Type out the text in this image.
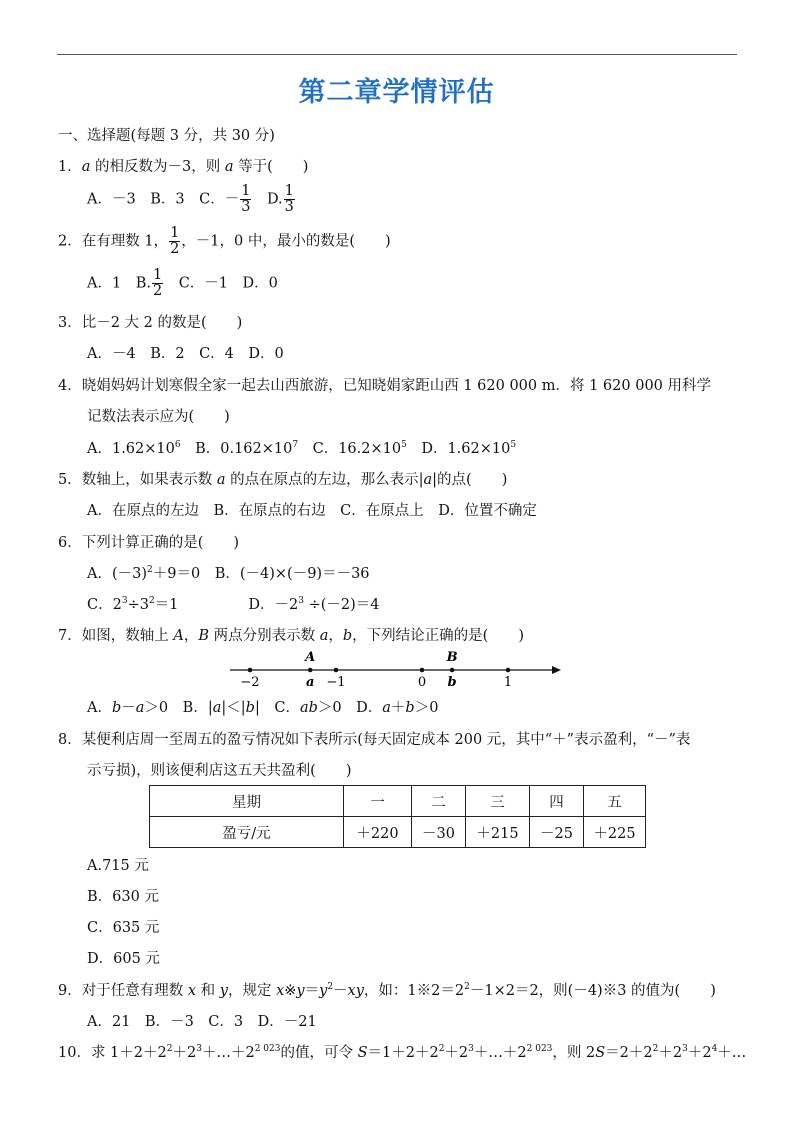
第二章学情评估
一、选择题(每题 3 分，共 30 分)
1．a 的相反数为－3，则 a 等于( )
A．－3　 B．3　 C．－ $\frac{1}{3}$
　 D. $\frac{1}{3}$
2．在有理数 1， $\frac{1}{2}$ ，－1，0 中，最小的数是( )
A．1　 B. $\frac{1}{2}$
　 C．－1　 D．0
3．比－2 大 2 的数是( )
A．－4　B．2　C．4　D．0
4．晓娟妈妈计划寒假全家一起去山西旅游，已知晓娟家距山西 1 620 000 m．将 1 620 000 用科学
记数法表示应为( )
A．$1.62\times 10^6$　 B．$0.162\times 10^7$　 C．$16.2\times 10^5$　 D．$1.62\times 10^5$
5．数轴上，如果表示数 a 的点在原点的左边，那么表示|a|的点( )
A．在原点的左边　B．在原点的右边　C．在原点上　D．位置不确定
6．下列计算正确的是( )
A．$(-3)^2+9=0$　 B．(－4)×(－9)＝－36
C．$2^3\div 3^2=1$	D．$-2^3 \div(-2)=4$
7．如图，数轴上 A，B 两点分别表示数 a，b，下列结论正确的是( )
−2	a
A
−1	0 b
B
1
A．b－a＞0　 B．|a|＜|b|　 C．ab＞0　 D．a＋b＞0
8．某便利店周一至周五的盈亏情况如下表所示(每天固定成本 200 元，其中“＋”表示盈利，“－”表
示亏损)，则该便利店这五天共盈利( )
星期	一	二	三	四	五
盈亏/元	＋220	－30	＋215	－25	＋225
A.715 元
B．630 元
C．635 元
D．605 元
9．对于任意有理数 x 和 y，规定 $x※y=y^2-xy$，如：$1※2=2^2-1\times 2=2$，则(－4)※3 的值为( )
A．21　B．－3　C．3　D．－21
10．求 $1+2+2^2+2^3+\dots+2^{2 023}$的值，可令 $S=1+2+2^2+2^3+\dots+2^{2 023}$，则 $2S=2+2^2+2^3+2^4+\dots$
